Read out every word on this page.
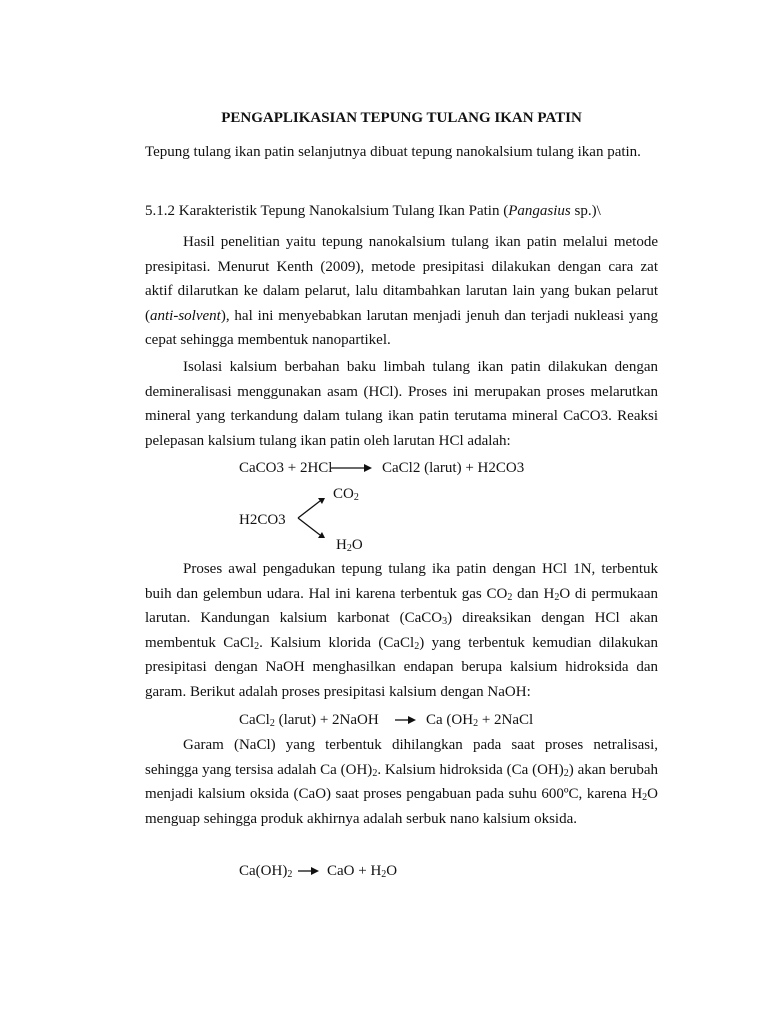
PENGAPLIKASIAN TEPUNG TULANG IKAN PATIN

Tepung tulang ikan patin selanjutnya dibuat tepung nanokalsium tulang ikan patin.

5.1.2 Karakteristik Tepung Nanokalsium Tulang Ikan Patin (Pangasius sp.)\

Hasil penelitian yaitu tepung nanokalsium tulang ikan patin melalui metode presipitasi. Menurut Kenth (2009), metode presipitasi dilakukan dengan cara zat aktif dilarutkan ke dalam pelarut, lalu ditambahkan larutan lain yang bukan pelarut (anti-solvent), hal ini menyebabkan larutan menjadi jenuh dan terjadi nukleasi yang cepat sehingga membentuk nanopartikel.

Isolasi kalsium berbahan baku limbah tulang ikan patin dilakukan dengan demineralisasi menggunakan asam (HCl). Proses ini merupakan proses melarutkan mineral yang terkandung dalam tulang ikan patin terutama mineral CaCO3. Reaksi pelepasan kalsium tulang ikan patin oleh larutan HCl adalah:

CaCO3 + 2HCl	CaCl2 (larut) + H2CO3
$CO_2$
H2CO3
$H_2O$

Proses awal pengadukan tepung tulang ika patin dengan HCl 1N, terbentuk buih dan gelembun udara. Hal ini karena terbentuk gas $CO_2$ dan $H_2O$ di permukaan larutan. Kandungan kalsium karbonat (CaCO$_3$) direaksikan dengan HCl akan membentuk CaCl$_2$. Kalsium klorida (CaCl$_2$) yang terbentuk kemudian dilakukan presipitasi dengan NaOH menghasilkan endapan berupa kalsium hidroksida dan garam. Berikut adalah proses presipitasi kalsium dengan NaOH:

CaCl$_2$ (larut) + 2NaOH	Ca ($OH_2$ + 2NaCl

Garam (NaCl) yang terbentuk dihilangkan pada saat proses netralisasi, sehingga yang tersisa adalah Ca $(OH)_2$. Kalsium hidroksida (Ca $(OH)_2$) akan berubah menjadi kalsium oksida (CaO) saat proses pengabuan pada suhu 600ºC, karena $H_2O$ menguap sehingga produk akhirnya adalah serbuk nano kalsium oksida.

$Ca(OH)_2$ CaO + $H_2O$
